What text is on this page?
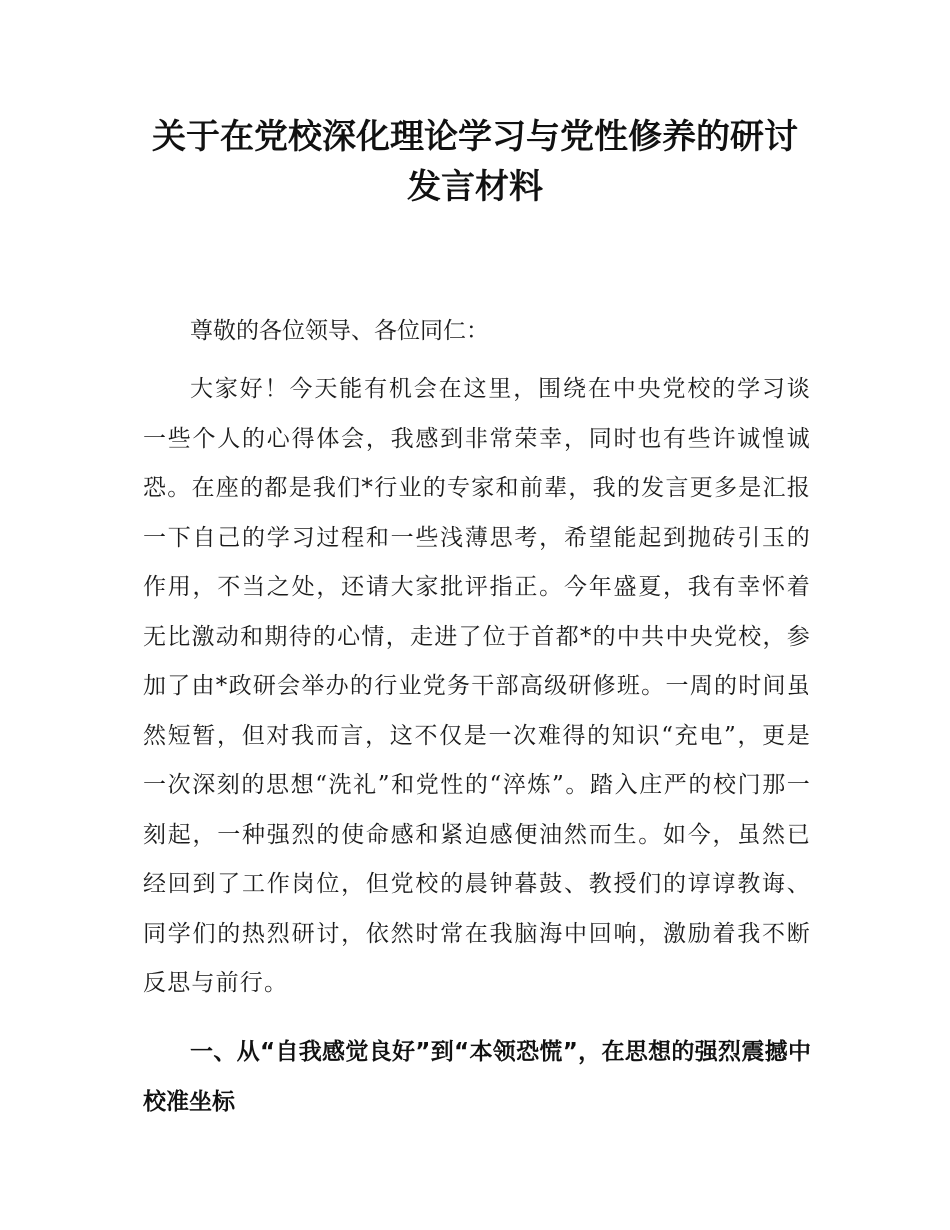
关于在党校深化理论学习与党性修养的研讨
发言材料
尊敬的各位领导、各位同仁：
大家好！今天能有机会在这里，围绕在中央党校的学习谈一些个人的心得体会，我感到非常荣幸，同时也有些许诚惶诚恐。在座的都是我们*行业的专家和前辈，我的发言更多是汇报一下自己的学习过程和一些浅薄思考，希望能起到抛砖引玉的作用，不当之处，还请大家批评指正。今年盛夏，我有幸怀着无比激动和期待的心情，走进了位于首都*的中共中央党校，参加了由*政研会举办的行业党务干部高级研修班。一周的时间虽然短暂，但对我而言，这不仅是一次难得的知识“充电”，更是一次深刻的思想“洗礼”和党性的“淬炼”。踏入庄严的校门那一刻起，一种强烈的使命感和紧迫感便油然而生。如今，虽然已经回到了工作岗位，但党校的晨钟暮鼓、教授们的谆谆教诲、同学们的热烈研讨，依然时常在我脑海中回响，激励着我不断反思与前行。
一、从“自我感觉良好”到“本领恐慌”，在思想的强烈震撼中校准坐标
